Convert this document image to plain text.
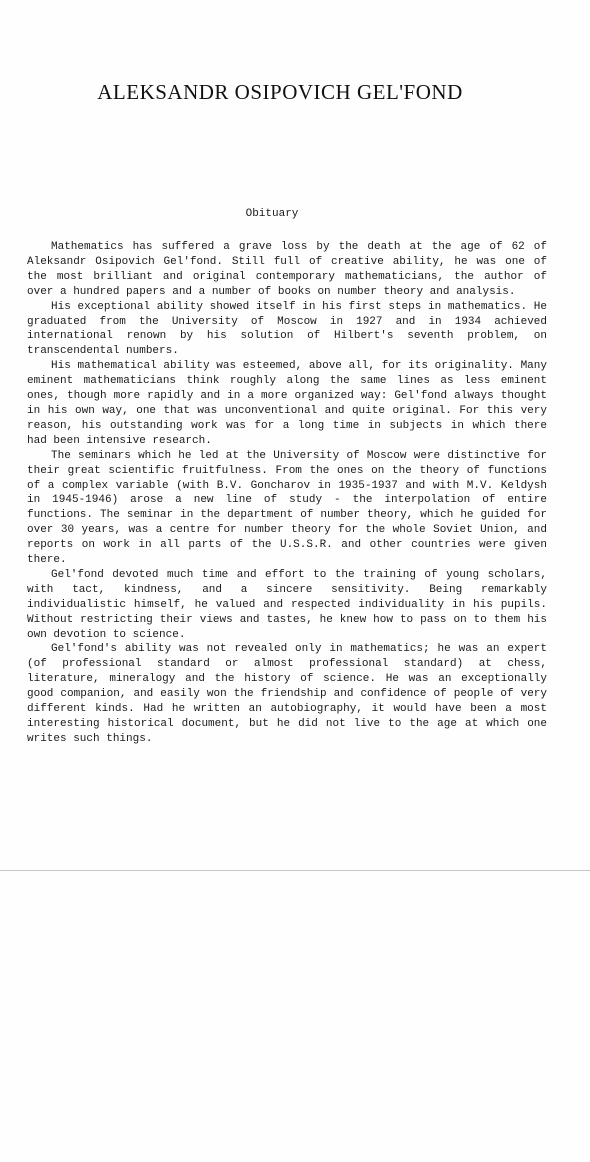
ALEKSANDR OSIPOVICH GEL'FOND

Obituary

Mathematics has suffered a grave loss by the death at the age of 62 of Aleksandr Osipovich Gel'fond. Still full of creative ability, he was one of the most brilliant and original contemporary mathematicians, the author of over a hundred papers and a number of books on number theory and analysis.

His exceptional ability showed itself in his first steps in mathematics. He graduated from the University of Moscow in 1927 and in 1934 achieved international renown by his solution of Hilbert's seventh problem, on transcendental numbers.

His mathematical ability was esteemed, above all, for its originality. Many eminent mathematicians think roughly along the same lines as less eminent ones, though more rapidly and in a more organized way: Gel'fond always thought in his own way, one that was unconventional and quite original. For this very reason, his outstanding work was for a long time in subjects in which there had been intensive research.

The seminars which he led at the University of Moscow were distinctive for their great scientific fruitfulness. From the ones on the theory of functions of a complex variable (with B.V. Goncharov in 1935-1937 and with M.V. Keldysh in 1945-1946) arose a new line of study - the interpolation of entire functions. The seminar in the department of number theory, which he guided for over 30 years, was a centre for number theory for the whole Soviet Union, and reports on work in all parts of the U.S.S.R. and other countries were given there.

Gel'fond devoted much time and effort to the training of young scholars, with tact, kindness, and a sincere sensitivity. Being remarkably individualistic himself, he valued and respected individuality in his pupils. Without restricting their views and tastes, he knew how to pass on to them his own devotion to science.

Gel'fond's ability was not revealed only in mathematics; he was an expert (of professional standard or almost professional standard) at chess, literature, mineralogy and the history of science. He was an exceptionally good companion, and easily won the friendship and confidence of people of very different kinds. Had he written an autobiography, it would have been a most interesting historical document, but he did not live to the age at which one writes such things.
